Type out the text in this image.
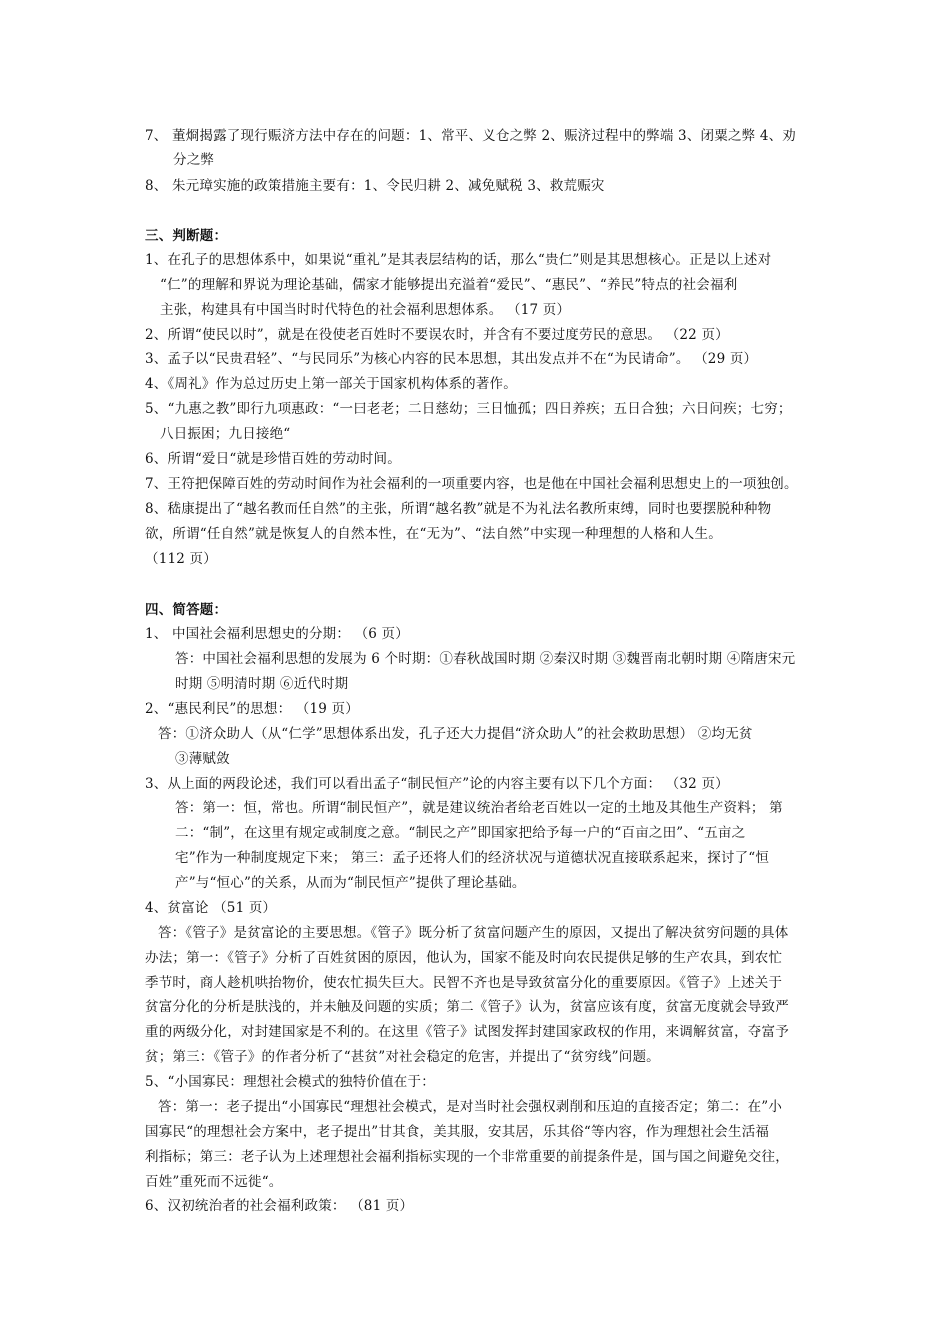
7、 董烱揭露了现行赈济方法中存在的问题：1、常平、义仓之弊 2、赈济过程中的弊端 3、闭粟之弊 4、劝
分之弊
8、 朱元璋实施的政策措施主要有：1、令民归耕 2、减免赋税 3、救荒赈灾
三、判断题：
1、在孔子的思想体系中，如果说“重礼”是其表层结构的话，那么“贵仁”则是其思想核心。正是以上述对
“仁”的理解和界说为理论基础，儒家才能够提出充溢着“爱民”、“惠民”、“养民”特点的社会福利
主张，构建具有中国当时时代特色的社会福利思想体系。 （17 页）
2、所谓“使民以时”，就是在役使老百姓时不要误农时，并含有不要过度劳民的意思。 （22 页）
3、孟子以“民贵君轻”、“与民同乐”为核心内容的民本思想，其出发点并不在“为民请命”。 （29 页）
4、《周礼》作为总过历史上第一部关于国家机构体系的著作。
5、“九惠之教”即行九项惠政：“一曰老老；二日慈幼；三日恤孤；四日养疾；五日合独；六日问疾；七穷；
八日振困；九日接绝“
6、所谓“爱日“就是珍惜百姓的劳动时间。
7、王符把保障百姓的劳动时间作为社会福利的一项重要内容，也是他在中国社会福利思想史上的一项独创。
8、嵇康提出了“越名教而任自然”的主张，所谓“越名教”就是不为礼法名教所束缚，同时也要摆脱种种物
欲，所谓“任自然”就是恢复人的自然本性，在“无为”、“法自然”中实现一种理想的人格和人生。
（112 页）
四、简答题：
1、 中国社会福利思想史的分期： （6 页）
答：中国社会福利思想的发展为 6 个时期：①春秋战国时期 ②秦汉时期 ③魏晋南北朝时期 ④隋唐宋元
时期 ⑤明清时期 ⑥近代时期
2、“惠民利民”的思想： （19 页）
答：①济众助人（从“仁学”思想体系出发，孔子还大力提倡“济众助人”的社会救助思想） ②均无贫
③薄赋敛
3、从上面的两段论述，我们可以看出孟子“制民恒产”论的内容主要有以下几个方面： （32 页）
答：第一：恒，常也。所谓“制民恒产”，就是建议统治者给老百姓以一定的土地及其他生产资料； 第
二：“制”，在这里有规定或制度之意。“制民之产”即国家把给予每一户的“百亩之田”、“五亩之
宅”作为一种制度规定下来； 第三：孟子还将人们的经济状况与道德状况直接联系起来，探讨了“恒
产”与“恒心”的关系，从而为“制民恒产”提供了理论基础。
4、贫富论 （51 页）
答：《管子》是贫富论的主要思想。《管子》既分析了贫富问题产生的原因，又提出了解决贫穷问题的具体
办法；第一：《管子》分析了百姓贫困的原因，他认为，国家不能及时向农民提供足够的生产农具，到农忙
季节时，商人趁机哄抬物价，使农忙损失巨大。民智不齐也是导致贫富分化的重要原因。《管子》上述关于
贫富分化的分析是肤浅的，并未触及问题的实质；第二《管子》认为，贫富应该有度，贫富无度就会导致严
重的两级分化，对封建国家是不利的。在这里《管子》试图发挥封建国家政权的作用，来调解贫富，夺富予
贫；第三：《管子》的作者分析了“甚贫”对社会稳定的危害，并提出了“贫穷线”问题。
5、“小国寡民：理想社会模式的独特价值在于：
答：第一：老子提出“小国寡民“理想社会模式，是对当时社会强权剥削和压迫的直接否定；第二：在”小
国寡民“的理想社会方案中，老子提出”甘其食，美其服，安其居，乐其俗“等内容，作为理想社会生活福
利指标；第三：老子认为上述理想社会福利指标实现的一个非常重要的前提条件是，国与国之间避免交往，
百姓”重死而不远徙“。
6、汉初统治者的社会福利政策： （81 页）
